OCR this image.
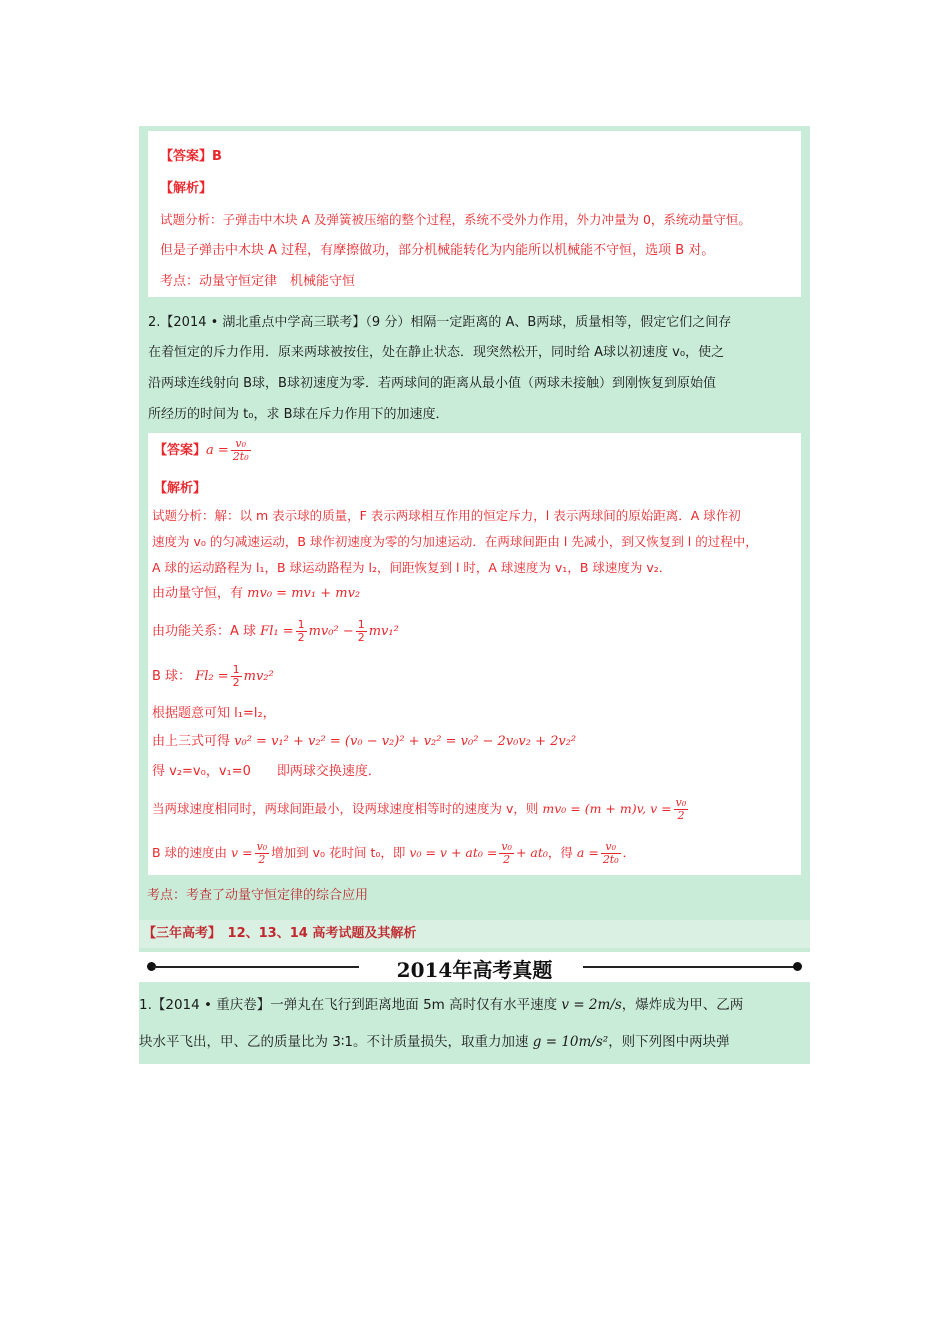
【答案】B
【解析】
试题分析：子弹击中木块 A 及弹簧被压缩的整个过程，系统不受外力作用，外力冲量为 0，系统动量守恒。
但是子弹击中木块 A 过程，有摩擦做功，部分机械能转化为内能所以机械能不守恒，选项 B 对。
考点：动量守恒定律　机械能守恒
2.【2014 • 湖北重点中学高三联考】（9 分）相隔一定距离的 A、B两球，质量相等，假定它们之间存
在着恒定的斥力作用．原来两球被按住，处在静止状态．现突然松开，同时给 A球以初速度 v₀，使之
沿两球连线射向 B球，B球初速度为零．若两球间的距离从最小值（两球未接触）到刚恢复到原始值
所经历的时间为 t₀，求 B球在斥力作用下的加速度．
【答案】$a = \frac{\text{v₀}}{\text{2t₀}}$
【解析】
试题分析：解：以 m 表示球的质量，F 表示两球相互作用的恒定斥力，l 表示两球间的原始距离．A 球作初
速度为 v₀ 的匀减速运动，B 球作初速度为零的匀加速运动．在两球间距由 l 先减小，到又恢复到 l 的过程中，
A 球的运动路程为 l₁，B 球运动路程为 l₂，间距恢复到 l 时，A 球速度为 v₁，B 球速度为 v₂．
由动量守恒，有 mv₀ = mv₁ + mv₂
由功能关系：A 球 $Fl_1 = \frac{1}{2} mv_0^2 - \frac{1}{2} mv_1^2$
B 球： $Fl_2 = \frac{1}{2} mv_2^2$
根据题意可知 l₁=l₂，
由上三式可得 v₀² = v₁² + v₂² = (v₀ − v₂)² + v₂² = v₀² − 2v₀v₂ + 2v₂²
得 v₂=v₀，v₁=0　　即两球交换速度．
当两球速度相同时，两球间距最小，设两球速度相等时的速度为 v，则 mv₀ = (m + m)v, $v = \frac{\text{v₀}}{2}$
B 球的速度由 $v = \frac{\text{v₀}}{2}$ 增加到 v₀ 花时间 t₀，即 $v_0 = v + at_0 = \frac{\text{v₀}}{2} + at_0$，得 $a = \frac{\text{v₀}}{\text{2t₀}}$ ．
考点：考查了动量守恒定律的综合应用
【三年高考】　 12、13、14 高考试题及其解析
2014年高考真题
1.【2014 • 重庆卷】一弹丸在飞行到距离地面 5m 高时仅有水平速度 v = 2m/s，爆炸成为甲、乙两
块水平飞出，甲、乙的质量比为 3∶1。不计质量损失，取重力加速 g = 10m/s²，则下列图中两块弹
